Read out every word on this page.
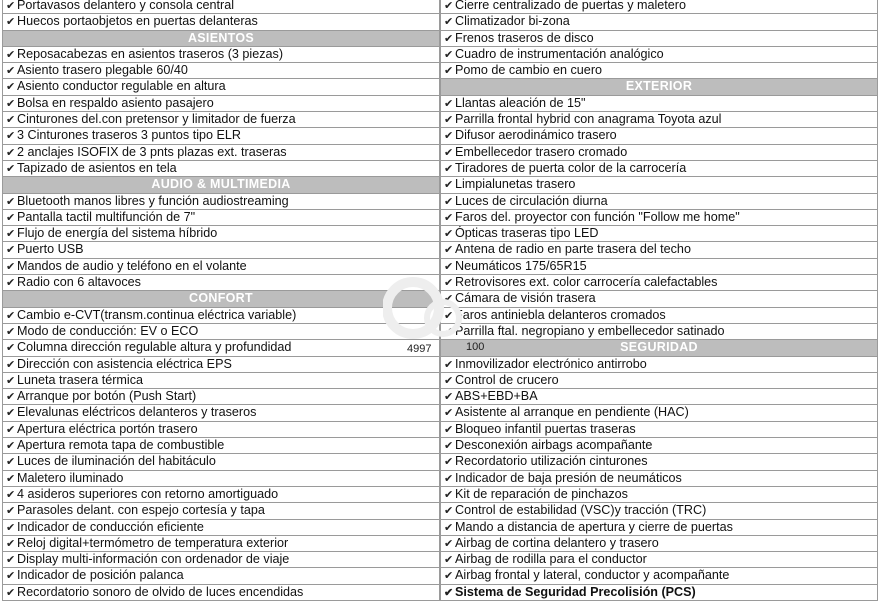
✔ Portavasos delantero y consola central
✔ Huecos portaobjetos en puertas delanteras
ASIENTOS
✔ Reposacabezas en asientos traseros (3 piezas)
✔ Asiento trasero plegable 60/40
✔ Asiento conductor regulable en altura
✔ Bolsa en respaldo asiento pasajero
✔ Cinturones del.con pretensor y limitador de fuerza
✔ 3 Cinturones traseros 3 puntos tipo ELR
✔ 2 anclajes ISOFIX de 3 pnts plazas ext. traseras
✔ Tapizado de asientos en tela
AUDIO & MULTIMEDIA
✔ Bluetooth manos libres y función audiostreaming
✔ Pantalla tactil multifunción de 7"
✔ Flujo de energía del sistema híbrido
✔ Puerto USB
✔ Mandos de audio y teléfono en el volante
✔ Radio con 6 altavoces
CONFORT
✔ Cambio e-CVT(transm.continua eléctrica variable)
✔ Modo de conducción: EV o ECO
✔ Columna dirección regulable altura y profundidad
✔ Dirección con asistencia eléctrica EPS
✔ Luneta trasera térmica
✔ Arranque por botón (Push Start)
✔ Elevalunas eléctricos delanteros y traseros
✔ Apertura eléctrica portón trasero
✔ Apertura remota tapa de combustible
✔ Luces de iluminación del habitáculo
✔ Maletero iluminado
✔ 4 asideros superiores con retorno amortiguado
✔ Parasoles delant. con espejo cortesía y tapa
✔ Indicador de conducción eficiente
✔ Reloj digital+termómetro de temperatura exterior
✔ Display multi-información con ordenador de viaje
✔ Indicador de posición palanca
✔ Recordatorio sonoro de olvido de luces encendidas
✔ Cierre centralizado de puertas y maletero
✔ Climatizador bi-zona
✔ Frenos traseros de disco
✔ Cuadro de instrumentación analógico
✔ Pomo de cambio en cuero
EXTERIOR
✔ Llantas aleación de 15"
✔ Parrilla frontal hybrid con anagrama Toyota azul
✔ Difusor aerodinámico trasero
✔ Embellecedor trasero cromado
✔ Tiradores de puerta color de la carrocería
✔ Limpialunetas trasero
✔ Luces de circulación diurna
✔ Faros del. proyector con función "Follow me home"
✔ Ópticas traseras tipo LED
✔ Antena de radio en parte trasera del techo
✔ Neumáticos 175/65R15
✔ Retrovisores ext. color carrocería calefactables
✔ Cámara de visión trasera
✔ Faros antiniebla delanteros cromados
✔ Parrilla ftal. negropiano y embellecedor satinado
SEGURIDAD
✔ Inmovilizador electrónico antirrobo
✔ Control de crucero
✔ ABS+EBD+BA
✔ Asistente al arranque en pendiente (HAC)
✔ Bloqueo infantil puertas traseras
✔ Desconexión airbags acompañante
✔ Recordatorio utilización cinturones
✔ Indicador de baja presión de neumáticos
✔ Kit de reparación de pinchazos
✔ Control de estabilidad (VSC)y tracción (TRC)
✔ Mando a distancia de apertura y cierre de puertas
✔ Airbag de cortina delantero y trasero
✔ Airbag de rodilla para el conductor
✔ Airbag frontal y lateral, conductor y acompañante
✔ Sistema de Seguridad Precolisión (PCS)
4997	100
